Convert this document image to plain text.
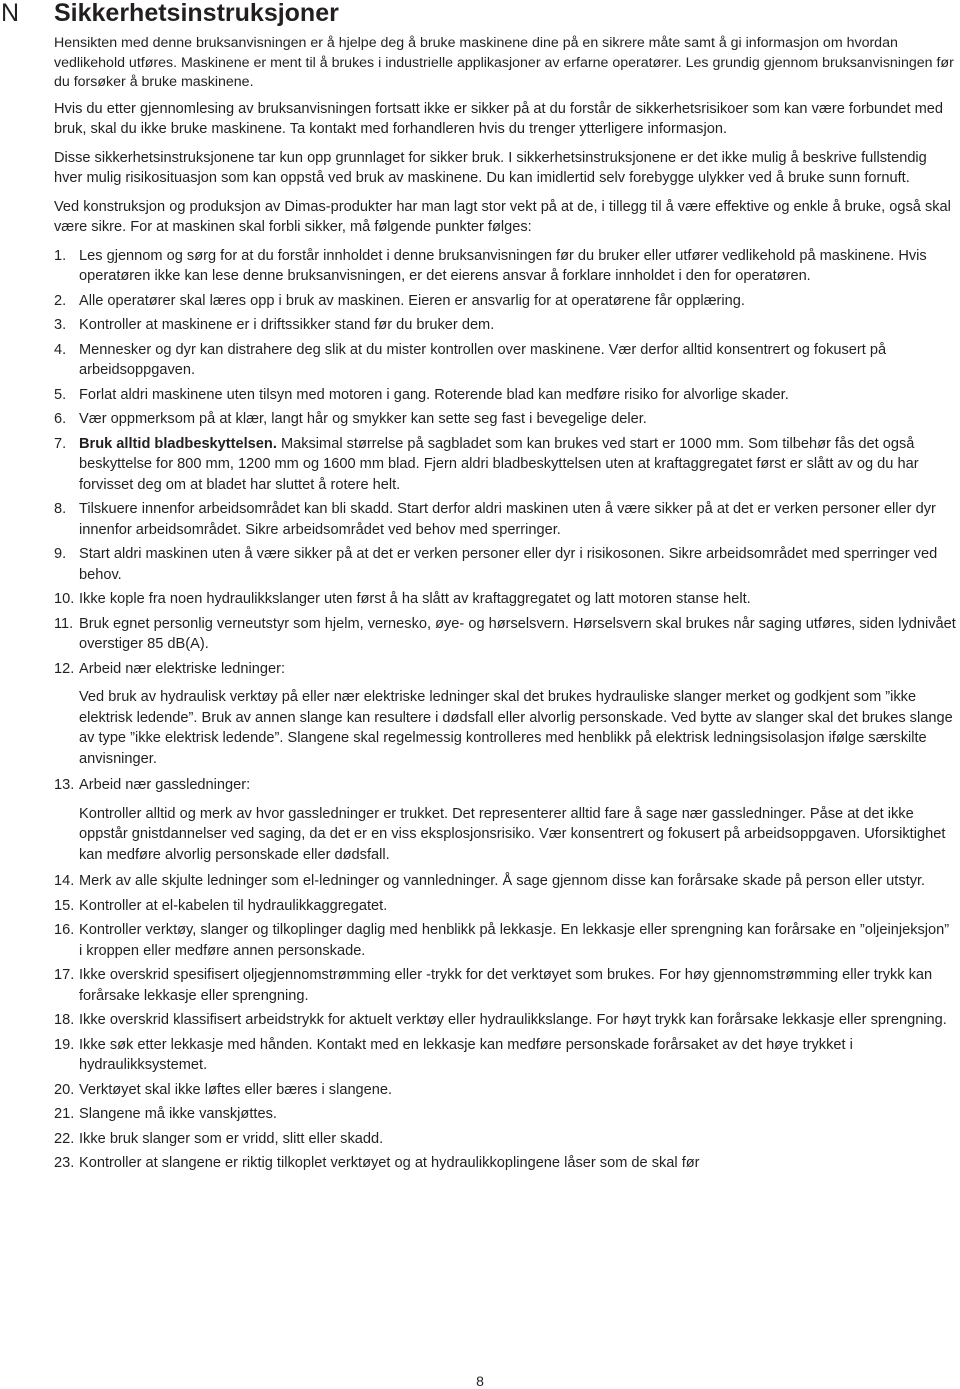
N Sikkerhetsinstruksjoner

Hensikten med denne bruksanvisningen er å hjelpe deg å bruke maskinene dine på en sikrere måte samt å gi informasjon om hvordan vedlikehold utføres. Maskinene er ment til å brukes i industrielle applikasjoner av erfarne operatører. Les grundig gjennom bruksanvisningen før du forsøker å bruke maskinene.

Hvis du etter gjennomlesing av bruksanvisningen fortsatt ikke er sikker på at du forstår de sikkerhetsrisikoer som kan være forbundet med bruk, skal du ikke bruke maskinene. Ta kontakt med forhandleren hvis du trenger ytterligere informasjon.

Disse sikkerhetsinstruksjonene tar kun opp grunnlaget for sikker bruk. I sikkerhetsinstruksjonene er det ikke mulig å beskrive fullstendig hver mulig risikosituasjon som kan oppstå ved bruk av maskinene. Du kan imidlertid selv forebygge ulykker ved å bruke sunn fornuft.

Ved konstruksjon og produksjon av Dimas-produkter har man lagt stor vekt på at de, i tillegg til å være effektive og enkle å bruke, også skal være sikre. For at maskinen skal forbli sikker, må følgende punkter følges:

1. Les gjennom og sørg for at du forstår innholdet i denne bruksanvisningen før du bruker eller utfører vedlikehold på maskinene. Hvis operatøren ikke kan lese denne bruksanvisningen, er det eierens ansvar å forklare innholdet i den for operatøren.
2. Alle operatører skal læres opp i bruk av maskinen. Eieren er ansvarlig for at operatørene får opplæring.
3. Kontroller at maskinene er i driftssikker stand før du bruker dem.
4. Mennesker og dyr kan distrahere deg slik at du mister kontrollen over maskinene. Vær derfor alltid konsentrert og fokusert på arbeidsoppgaven.
5. Forlat aldri maskinene uten tilsyn med motoren i gang. Roterende blad kan medføre risiko for alvorlige skader.
6. Vær oppmerksom på at klær, langt hår og smykker kan sette seg fast i bevegelige deler.
7. Bruk alltid bladbeskyttelsen. Maksimal størrelse på sagbladet som kan brukes ved start er 1000 mm. Som tilbehør fås det også beskyttelse for 800 mm, 1200 mm og 1600 mm blad. Fjern aldri bladbeskyttelsen uten at kraftaggregatet først er slått av og du har forvisset deg om at bladet har sluttet å rotere helt.
8. Tilskuere innenfor arbeidsområdet kan bli skadd. Start derfor aldri maskinen uten å være sikker på at det er verken personer eller dyr innenfor arbeidsområdet. Sikre arbeidsområdet ved behov med sperringer.
9. Start aldri maskinen uten å være sikker på at det er verken personer eller dyr i risikosonen. Sikre arbeidsområdet med sperringer ved behov.
10. Ikke kople fra noen hydraulikkslanger uten først å ha slått av kraftaggregatet og latt motoren stanse helt.
11. Bruk egnet personlig verneutstyr som hjelm, vernesko, øye- og hørselsvern. Hørselsvern skal brukes når saging utføres, siden lydnivået overstiger 85 dB(A).
12. Arbeid nær elektriske ledninger:
Ved bruk av hydraulisk verktøy på eller nær elektriske ledninger skal det brukes hydrauliske slanger merket og godkjent som ”ikke elektrisk ledende”. Bruk av annen slange kan resultere i dødsfall eller alvorlig personskade. Ved bytte av slanger skal det brukes slange av type ”ikke elektrisk ledende”. Slangene skal regelmessig kontrolleres med henblikk på elektrisk ledningsisolasjon ifølge særskilte anvisninger.
13. Arbeid nær gassledninger:
Kontroller alltid og merk av hvor gassledninger er trukket. Det representerer alltid fare å sage nær gassledninger. Påse at det ikke oppstår gnistdannelser ved saging, da det er en viss eksplosjonsrisiko. Vær konsentrert og fokusert på arbeidsoppgaven. Uforsiktighet kan medføre alvorlig personskade eller dødsfall.
14. Merk av alle skjulte ledninger som el-ledninger og vannledninger. Å sage gjennom disse kan forårsake skade på person eller utstyr.
15. Kontroller at el-kabelen til hydraulikkaggregatet.
16. Kontroller verktøy, slanger og tilkoplinger daglig med henblikk på lekkasje. En lekkasje eller sprengning kan forårsake en ”oljeinjeksjon” i kroppen eller medføre annen personskade.
17. Ikke overskrid spesifisert oljegjennomstrømming eller -trykk for det verktøyet som brukes. For høy gjennomstrømming eller trykk kan forårsake lekkasje eller sprengning.
18. Ikke overskrid klassifisert arbeidstrykk for aktuelt verktøy eller hydraulikkslange. For høyt trykk kan forårsake lekkasje eller sprengning.
19. Ikke søk etter lekkasje med hånden. Kontakt med en lekkasje kan medføre personskade forårsaket av det høye trykket i hydraulikksystemet.
20. Verktøyet skal ikke løftes eller bæres i slangene.
21. Slangene må ikke vanskjøttes.
22. Ikke bruk slanger som er vridd, slitt eller skadd.
23. Kontroller at slangene er riktig tilkoplet verktøyet og at hydraulikkoplingene låser som de skal før
8
